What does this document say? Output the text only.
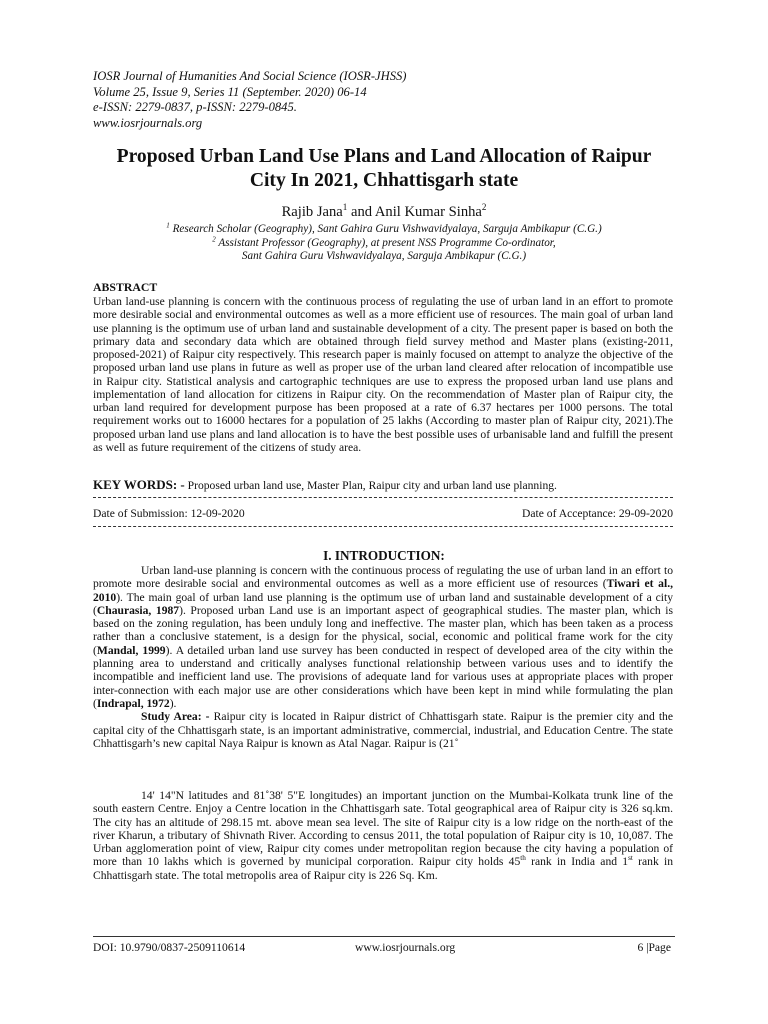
IOSR Journal of Humanities And Social Science (IOSR-JHSS)
Volume 25, Issue 9, Series 11 (September. 2020) 06-14
e-ISSN: 2279-0837, p-ISSN: 2279-0845.
www.iosrjournals.org
Proposed Urban Land Use Plans and Land Allocation of Raipur
City In 2021, Chhattisgarh state
Rajib Jana$^1$ and Anil Kumar Sinha$^2$
$^1$ Research Scholar (Geography), Sant Gahira Guru Vishwavidyalaya, Sarguja Ambikapur (C.G.)
$^2$ Assistant Professor (Geography), at present NSS Programme Co-ordinator,
Sant Gahira Guru Vishwavidyalaya, Sarguja Ambikapur (C.G.)
ABSTRACT
Urban land-use planning is concern with the continuous process of regulating the use of urban land in an effort to promote more desirable social and environmental outcomes as well as a more efficient use of resources. The main goal of urban land use planning is the optimum use of urban land and sustainable development of a city. The present paper is based on both the primary data and secondary data which are obtained through field survey method and Master plans (existing-2011, proposed-2021) of Raipur city respectively. This research paper is mainly focused on attempt to analyze the objective of the proposed urban land use plans in future as well as proper use of the urban land cleared after relocation of incompatible use in Raipur city. Statistical analysis and cartographic techniques are use to express the proposed urban land use plans and implementation of land allocation for citizens in Raipur city. On the recommendation of Master plan of Raipur city, the urban land required for development purpose has been proposed at a rate of 6.37 hectares per 1000 persons. The total requirement works out to 16000 hectares for a population of 25 lakhs (According to master plan of Raipur city, 2021).The proposed urban land use plans and land allocation is to have the best possible uses of urbanisable land and fulfill the present as well as future requirement of the citizens of study area.
KEY WORDS: - Proposed urban land use, Master Plan, Raipur city and urban land use planning.
Date of Submission: 12-09-2020	Date of Acceptance: 29-09-2020
I. INTRODUCTION:

Urban land-use planning is concern with the continuous process of regulating the use of urban land in an effort to promote more desirable social and environmental outcomes as well as a more efficient use of resources (Tiwari et al., 2010). The main goal of urban land use planning is the optimum use of urban land and sustainable development of a city (Chaurasia, 1987). Proposed urban Land use is an important aspect of geographical studies. The master plan, which is based on the zoning regulation, has been unduly long and ineffective. The master plan, which has been taken as a process rather than a conclusive statement, is a design for the physical, social, economic and political frame work for the city (Mandal, 1999). A detailed urban land use survey has been conducted in respect of developed area of the city within the planning area to understand and critically analyses functional relationship between various uses and to identify the incompatible and inefficient land use. The provisions of adequate land for various uses at appropriate places with proper inter-connection with each major use are other considerations which have been kept in mind while formulating the plan (Indrapal, 1972).

Study Area: - Raipur city is located in Raipur district of Chhattisgarh state. Raipur is the premier city and the capital city of the Chhattisgarh state, is an important administrative, commercial, industrial, and Education Centre. The state Chhattisgarh’s new capital Naya Raipur is known as Atal Nagar. Raipur is (21˚

14' 14"N latitudes and 81˚38' 5"E longitudes) an important junction on the Mumbai-Kolkata trunk line of the south eastern Centre. Enjoy a Centre location in the Chhattisgarh sate. Total geographical area of Raipur city is 326 sq.km. The city has an altitude of 298.15 mt. above mean sea level. The site of Raipur city is a low ridge on the north-east of the river Kharun, a tributary of Shivnath River. According to census 2011, the total population of Raipur city is 10, 10,087. The Urban agglomeration point of view, Raipur city comes under metropolitan region because the city having a population of more than 10 lakhs which is governed by municipal corporation. Raipur city holds 45th rank in India and 1st rank in Chhattisgarh state. The total metropolis area of Raipur city is 226 Sq. Km.

DOI: 10.9790/0837-2509110614	www.iosrjournals.org	6 |Page
